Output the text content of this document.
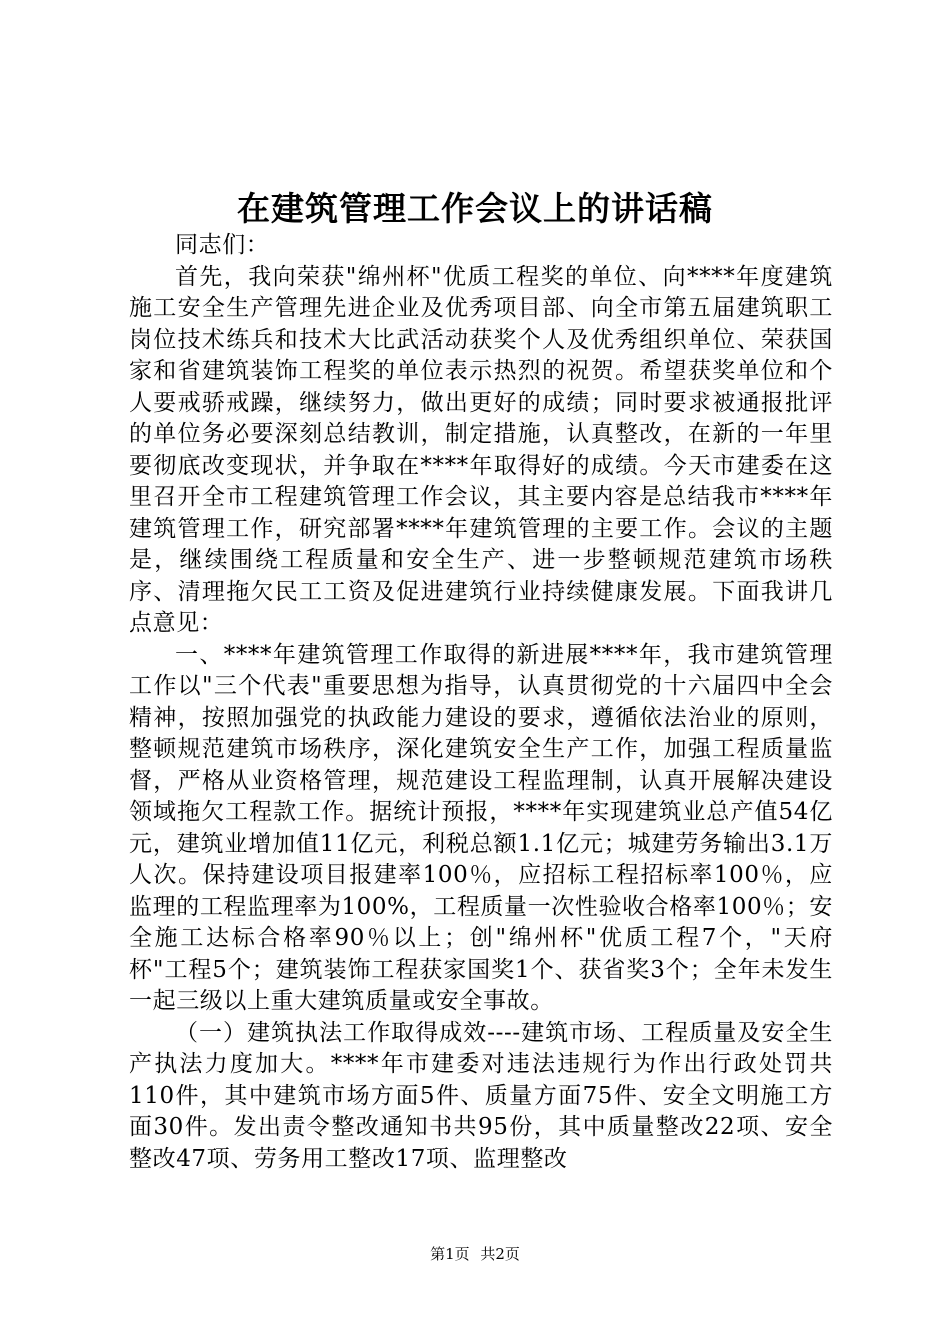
在建筑管理工作会议上的讲话稿

同志们：

首先，我向荣获"绵州杯"优质工程奖的单位、向****年度建筑施工安全生产管理先进企业及优秀项目部、向全市第五届建筑职工岗位技术练兵和技术大比武活动获奖个人及优秀组织单位、荣获国家和省建筑装饰工程奖的单位表示热烈的祝贺。希望获奖单位和个人要戒骄戒躁，继续努力，做出更好的成绩；同时要求被通报批评的单位务必要深刻总结教训，制定措施，认真整改，在新的一年里要彻底改变现状，并争取在****年取得好的成绩。今天市建委在这里召开全市工程建筑管理工作会议，其主要内容是总结我市****年建筑管理工作，研究部署****年建筑管理的主要工作。会议的主题是，继续围绕工程质量和安全生产、进一步整顿规范建筑市场秩序、清理拖欠民工工资及促进建筑行业持续健康发展。下面我讲几点意见：

一、****年建筑管理工作取得的新进展****年，我市建筑管理工作以"三个代表"重要思想为指导，认真贯彻党的十六届四中全会精神，按照加强党的执政能力建设的要求，遵循依法治业的原则，整顿规范建筑市场秩序，深化建筑安全生产工作，加强工程质量监督，严格从业资格管理，规范建设工程监理制，认真开展解决建设领域拖欠工程款工作。据统计预报，****年实现建筑业总产值54亿元，建筑业增加值11亿元，利税总额1.1亿元；城建劳务输出3.1万人次。保持建设项目报建率100％，应招标工程招标率100％，应监理的工程监理率为100%，工程质量一次性验收合格率100％；安全施工达标合格率90％以上；创"绵州杯"优质工程7个，"天府杯"工程5个；建筑装饰工程获家国奖1个、获省奖3个；全年未发生一起三级以上重大建筑质量或安全事故。

（一）建筑执法工作取得成效----建筑市场、工程质量及安全生产执法力度加大。****年市建委对违法违规行为作出行政处罚共110件，其中建筑市场方面5件、质量方面75件、安全文明施工方面30件。发出责令整改通知书共95份，其中质量整改22项、安全整改47项、劳务用工整改17项、监理整改

第1页 共2页
